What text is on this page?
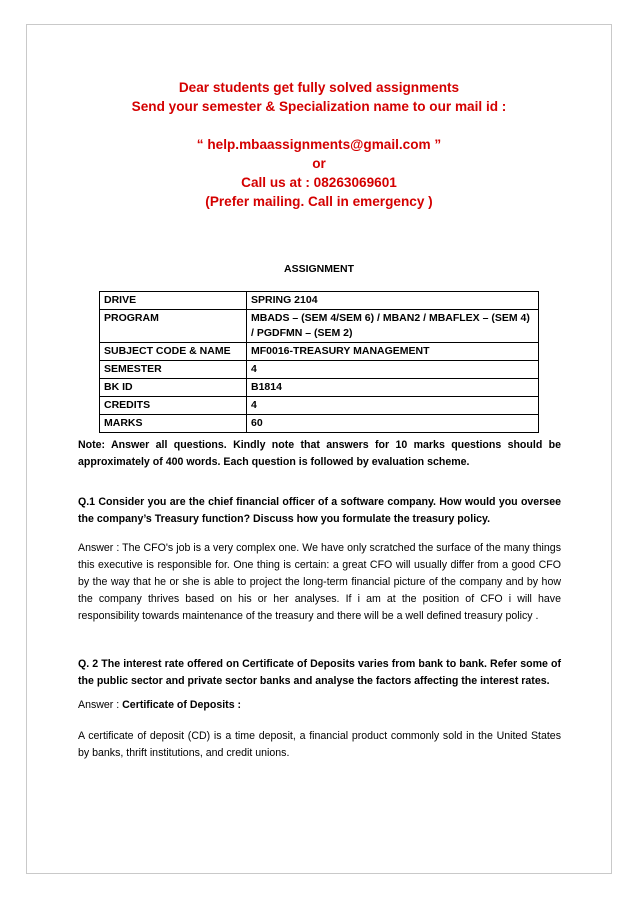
Dear students get fully solved assignments
Send your semester & Specialization name to our mail id :
“ help.mbaassignments@gmail.com ”
or
Call us at : 08263069601
(Prefer mailing. Call in emergency )
ASSIGNMENT
DRIVE	SPRING 2104
PROGRAM	MBADS – (SEM 4/SEM 6) / MBAN2 / MBAFLEX – (SEM 4) / PGDFMN – (SEM 2)
SUBJECT CODE & NAME	MF0016-TREASURY MANAGEMENT
SEMESTER	4
BK ID	B1814
CREDITS	4
MARKS	60
Note: Answer all questions. Kindly note that answers for 10 marks questions should be approximately of 400 words. Each question is followed by evaluation scheme.
Q.1 Consider you are the chief financial officer of a software company. How would you oversee the company’s Treasury function? Discuss how you formulate the treasury policy.
Answer : The CFO's job is a very complex one. We have only scratched the surface of the many things this executive is responsible for. One thing is certain: a great CFO will usually differ from a good CFO by the way that he or she is able to project the long-term financial picture of the company and by how the company thrives based on his or her analyses. If i am at the position of CFO i will have responsibility towards maintenance of the treasury and there will be a well defined treasury policy .
Q. 2 The interest rate offered on Certificate of Deposits varies from bank to bank. Refer some of the public sector and private sector banks and analyse the factors affecting the interest rates.
Answer : Certificate of Deposits :
A certificate of deposit (CD) is a time deposit, a financial product commonly sold in the United States by banks, thrift institutions, and credit unions.
